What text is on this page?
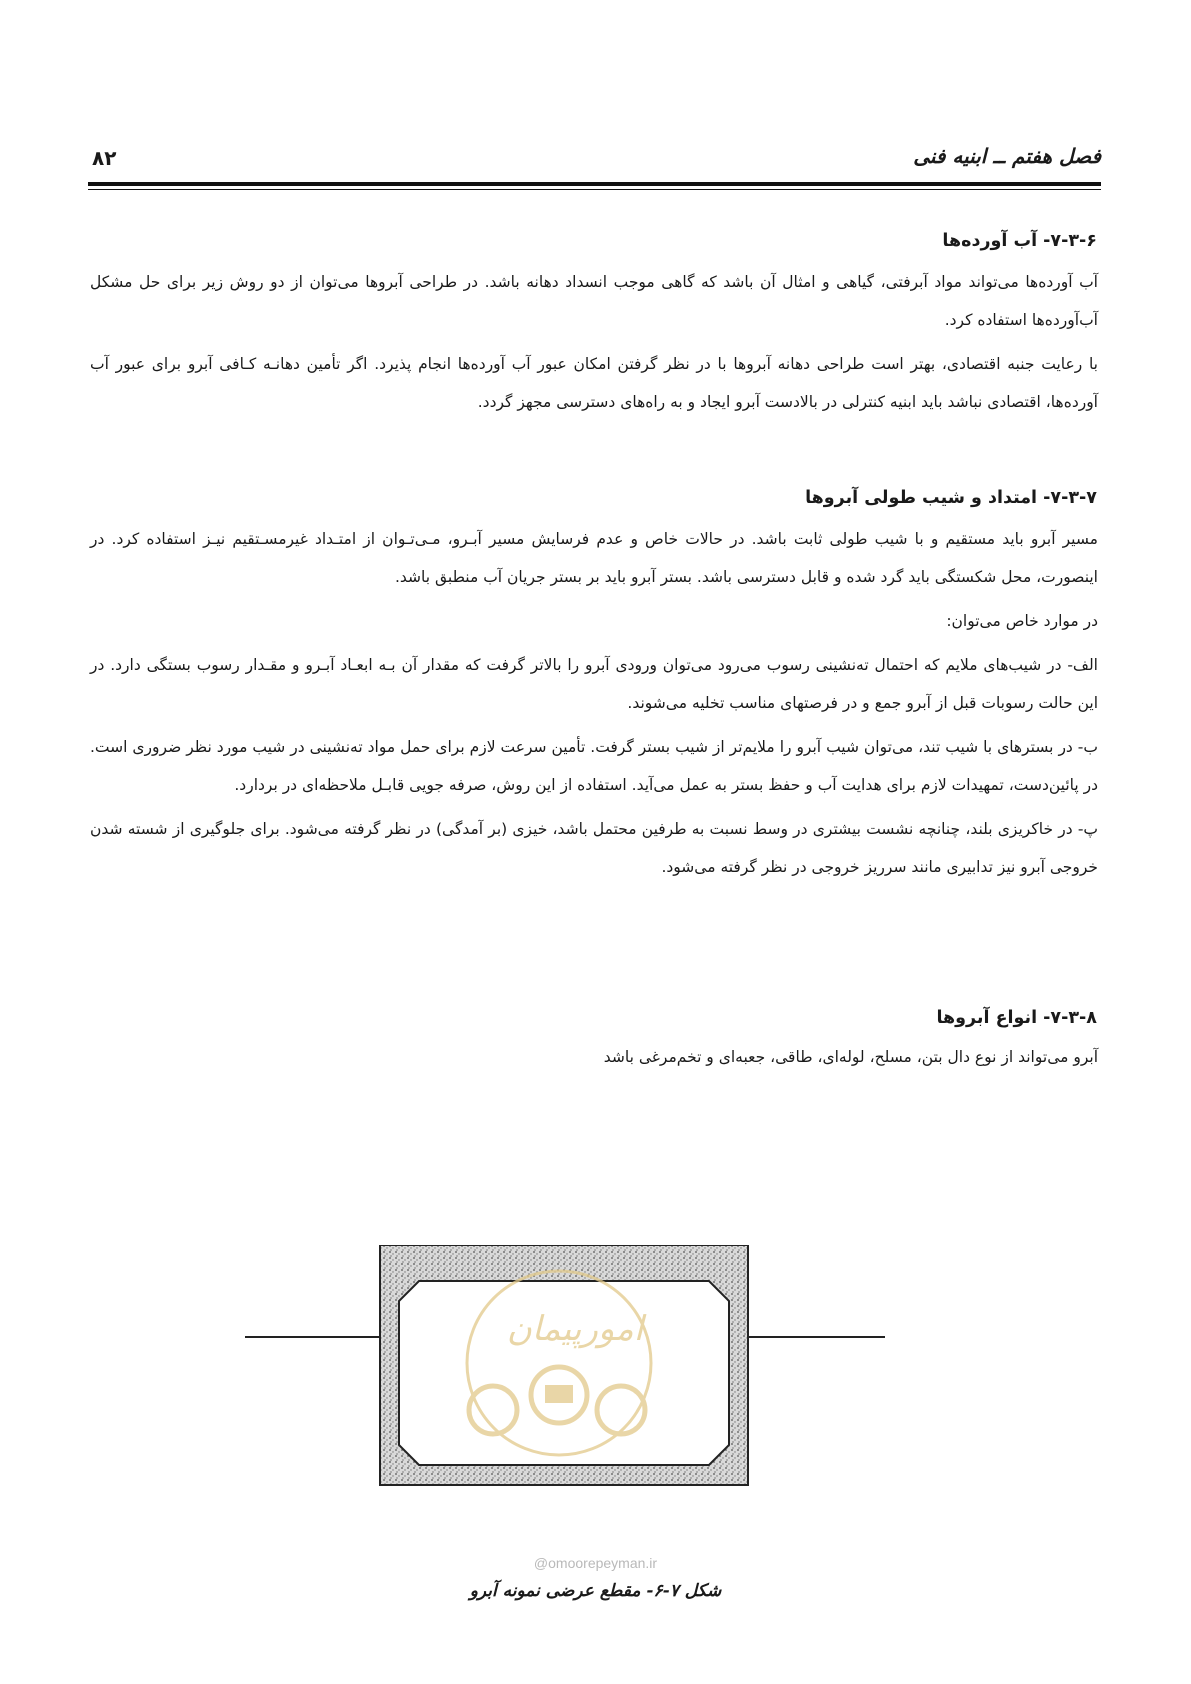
فصل هفتم ــ ابنیه فنی
۸۲
۷-۳-۶- آب آورده‌ها

آب آورده‌ها می‌تواند مواد آبرفتی، گیاهی و امثال آن باشد که گاهی موجب انسداد دهانه باشد. در طراحی آبروها می‌توان از دو روش زیر برای حل مشکل آب‌آورده‌ها استفاده کرد.

با رعایت جنبه اقتصادی، بهتر است طراحی دهانه آبروها با در نظر گرفتن امکان عبور آب آورده‌ها انجام پذیرد. اگر تأمین دهانـه کـافی آبرو برای عبور آب آورده‌ها، اقتصادی نباشد باید ابنیه کنترلی در بالادست آبرو ایجاد و به راه‌های دسترسی مجهز گردد.

۷-۳-۷- امتداد و شیب طولی آبروها

مسیر آبرو باید مستقیم و با شیب طولی ثابت باشد. در حالات خاص و عدم فرسایش مسیر آبـرو، مـی‌تـوان از امتـداد غیرمسـتقیم نیـز استفاده کرد. در اینصورت، محل شکستگی باید گرد شده و قابل دسترسی باشد. بستر آبرو باید بر بستر جریان آب منطبق باشد.

در موارد خاص می‌توان:

الف- در شیب‌های ملایم که احتمال ته‌نشینی رسوب می‌رود می‌توان ورودی آبرو را بالاتر گرفت که مقدار آن بـه ابعـاد آبـرو و مقـدار رسوب بستگی دارد. در این حالت رسوبات قبل از آبرو جمع و در فرصتهای مناسب تخلیه می‌شوند.

ب- در بسترهای با شیب تند، می‌توان شیب آبرو را ملایم‌تر از شیب بستر گرفت. تأمین سرعت لازم برای حمل مواد ته‌نشینی در شیب مورد نظر ضروری است. در پائین‌دست، تمهیدات لازم برای هدایت آب و حفظ بستر به عمل می‌آید. استفاده از این روش، صرفه جویی قابـل ملاحظه‌ای در بردارد.

پ- در خاکریزی بلند، چنانچه نشست بیشتری در وسط نسبت به طرفین محتمل باشد، خیزی (بر آمدگی) در نظر گرفته می‌شود. برای جلوگیری از شسته شدن خروجی آبرو نیز تدابیری مانند سرریز خروجی در نظر گرفته می‌شود.

۷-۳-۸- انواع آبروها

آبرو می‌تواند از نوع دال بتن، مسلح، لوله‌ای، طاقی، جعبه‌ای و تخم‌مرغی باشد

امورپیمان
@omoorepeyman.ir
شکل ۷-۶- مقطع عرضی نمونه آبرو
